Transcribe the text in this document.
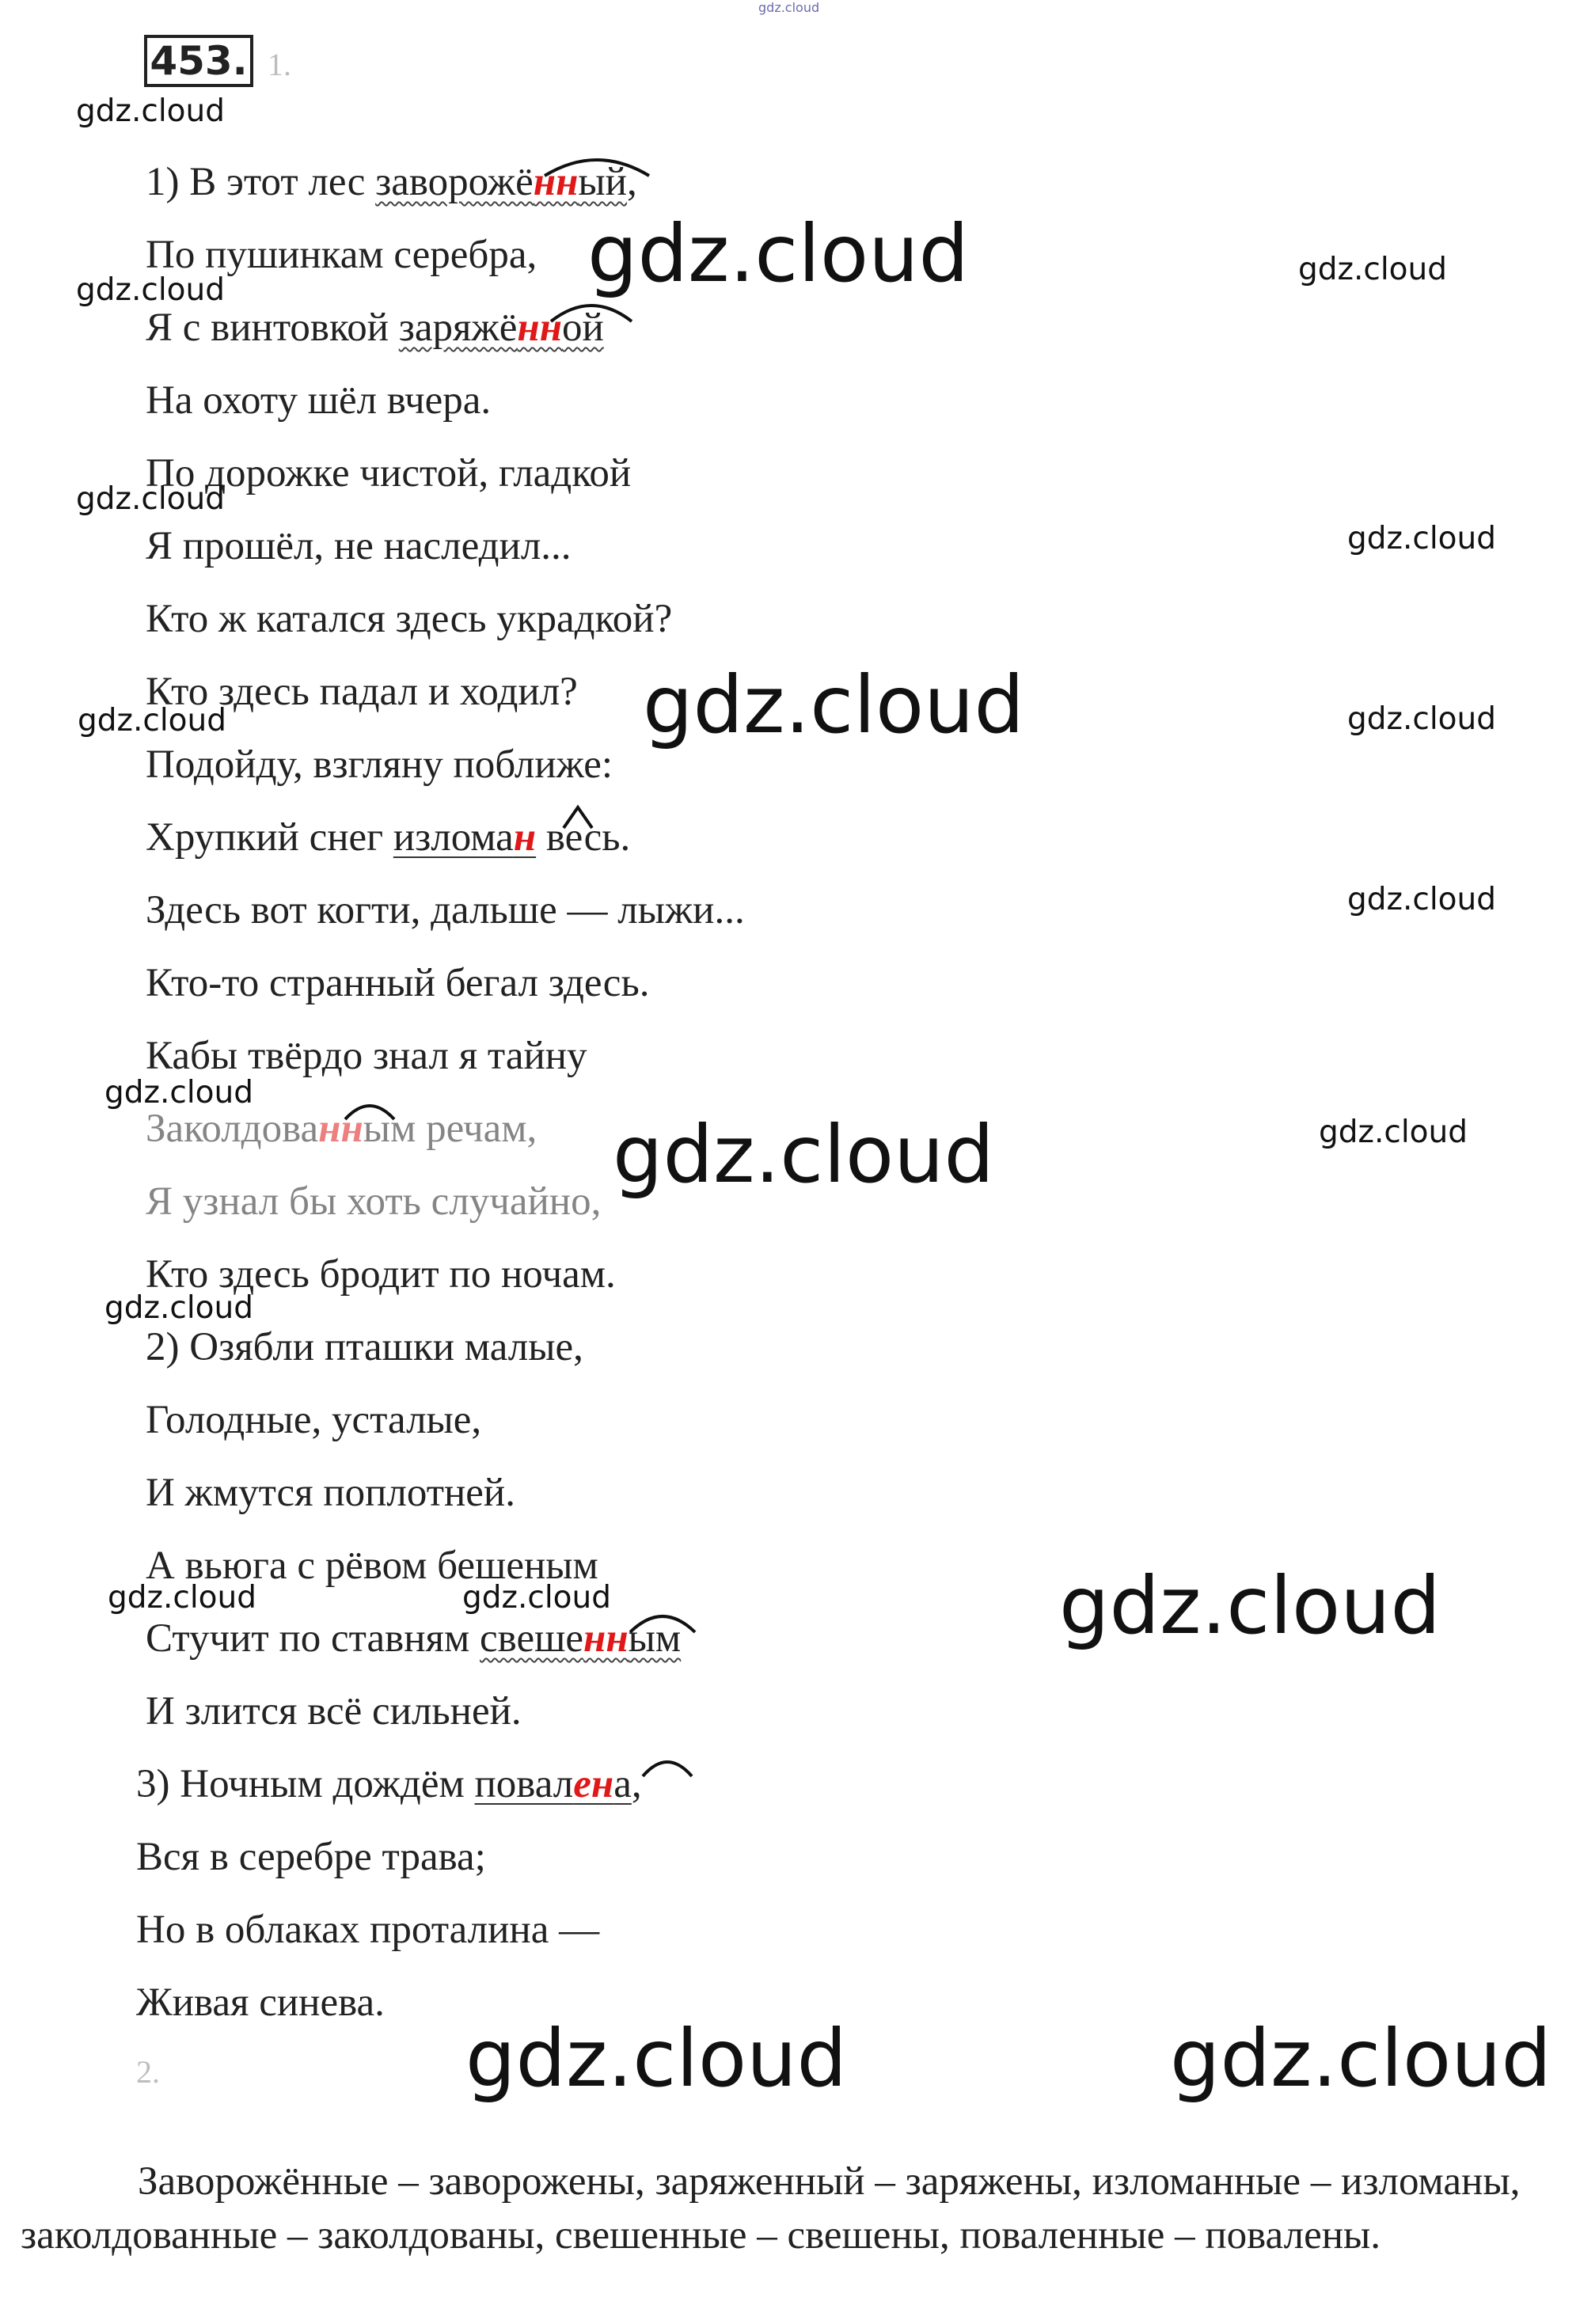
gdz.cloud
453. 1.
1) В этот лес заворожённый,
По пушинкам серебра,
Я с винтовкой заряжённой
На охоту шёл вчера.
По дорожке чистой, гладкой
Я прошёл, не наследил...
Кто ж катался здесь украдкой?
Кто здесь падал и ходил?
Подойду, взгляну поближе:
Хрупкий снег изломан весь.
Здесь вот когти, дальше — лыжи...
Кто-то странный бегал здесь.
Кабы твёрдо знал я тайну
Заколдованным речам,
Я узнал бы хоть случайно,
Кто здесь бродит по ночам.
2) Озябли пташки малые,
Голодные, усталые,
И жмутся поплотней.
А вьюга с рёвом бешеным
Стучит по ставням свешенным
И злится всё сильней.
3) Ночным дождём повалена,
Вся в серебре трава;
Но в облаках проталина —
Живая синева.
2.
Заворожённые – заворожены, заряженный – заряжены, изломанные – изломаны, заколдованные – заколдованы, свешенные – свешены, поваленные – повалены.
gdz.cloud
gdz.cloud	gdz.cloud
gdz.cloud
gdz.cloud
gdz.cloud
gdz.cloud
gdz.cloud	gdz.cloud
gdz.cloud
gdz.cloud
gdz.cloud	gdz.cloud
gdz.cloud
gdz.cloud
gdz.cloud	gdz.cloud
gdz.cloud	gdz.cloud
